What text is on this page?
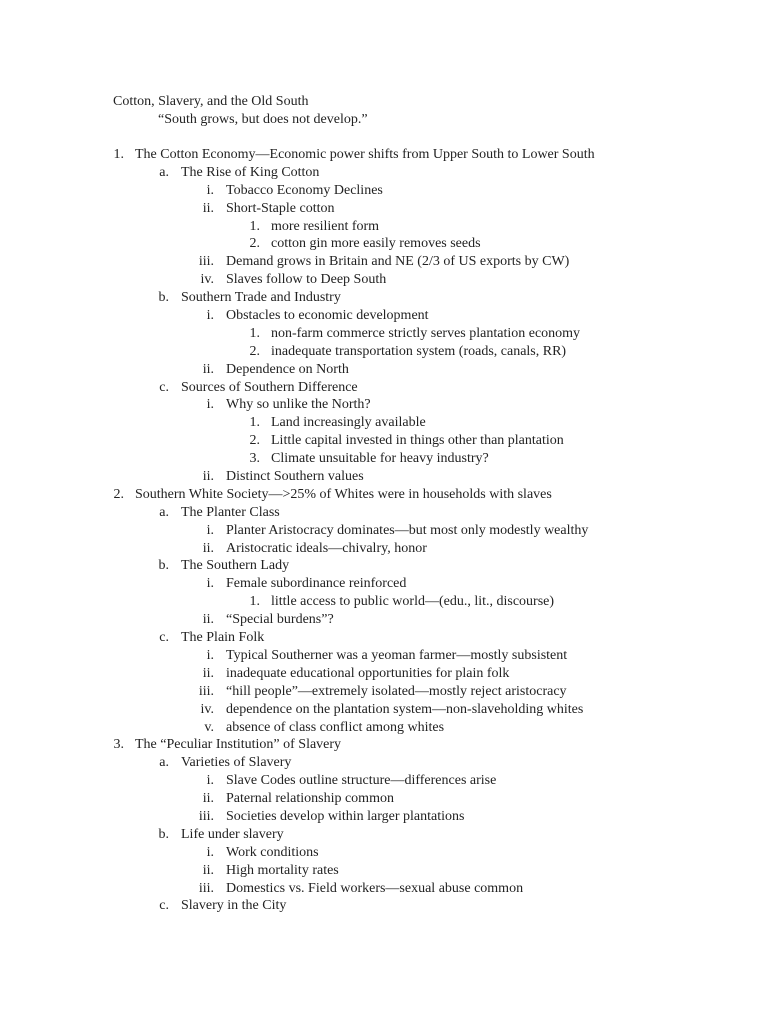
Cotton, Slavery, and the Old South
“South grows, but does not develop.”
1. The Cotton Economy—Economic power shifts from Upper South to Lower South
a. The Rise of King Cotton
i. Tobacco Economy Declines
ii. Short-Staple cotton
1. more resilient form
2. cotton gin more easily removes seeds
iii. Demand grows in Britain and NE (2/3 of US exports by CW)
iv. Slaves follow to Deep South
b. Southern Trade and Industry
i. Obstacles to economic development
1. non-farm commerce strictly serves plantation economy
2. inadequate transportation system (roads, canals, RR)
ii. Dependence on North
c. Sources of Southern Difference
i. Why so unlike the North?
1. Land increasingly available
2. Little capital invested in things other than plantation
3. Climate unsuitable for heavy industry?
ii. Distinct Southern values
2. Southern White Society—>25% of Whites were in households with slaves
a. The Planter Class
i. Planter Aristocracy dominates—but most only modestly wealthy
ii. Aristocratic ideals—chivalry, honor
b. The Southern Lady
i. Female subordinance reinforced
1. little access to public world—(edu., lit., discourse)
ii. “Special burdens”?
c. The Plain Folk
i. Typical Southerner was a yeoman farmer—mostly subsistent
ii. inadequate educational opportunities for plain folk
iii. “hill people”—extremely isolated—mostly reject aristocracy
iv. dependence on the plantation system—non-slaveholding whites
v. absence of class conflict among whites
3. The “Peculiar Institution” of Slavery
a. Varieties of Slavery
i. Slave Codes outline structure—differences arise
ii. Paternal relationship common
iii. Societies develop within larger plantations
b. Life under slavery
i. Work conditions
ii. High mortality rates
iii. Domestics vs. Field workers—sexual abuse common
c. Slavery in the City
